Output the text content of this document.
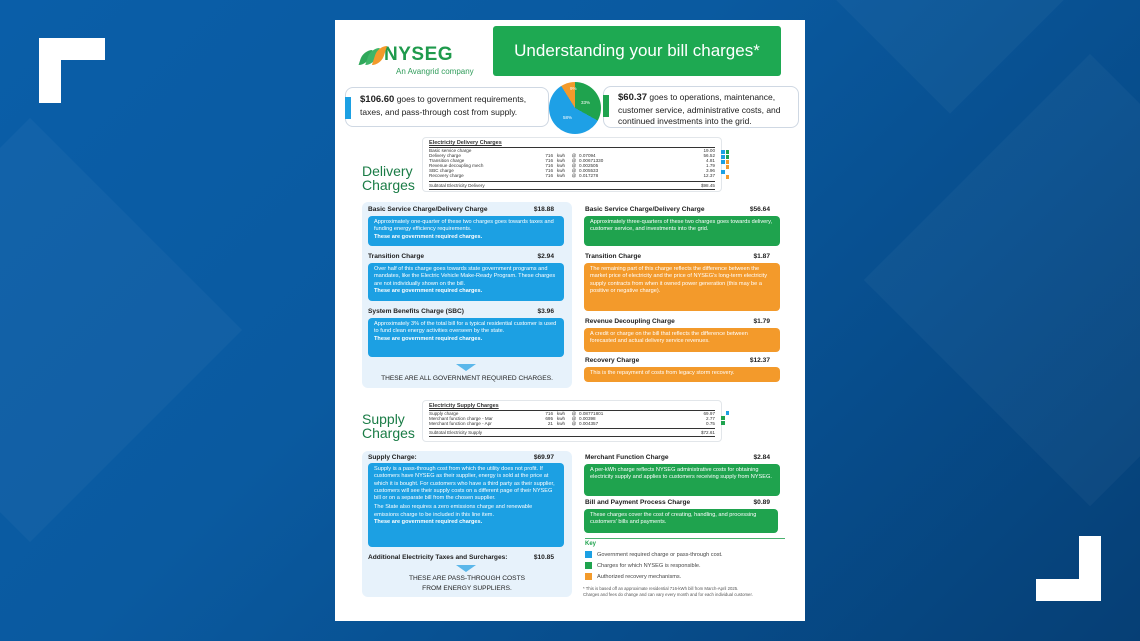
NYSEG
An Avangrid company
Understanding your bill charges*
$106.60 goes to government requirements, taxes, and pass-through cost from supply.
33%
58%
9%
$60.37 goes to operations, maintenance, customer service, administrative costs, and continued investments into the grid.
Delivery
Charges
Electricity Delivery Charges
Basic service charge	19.00
Delivery charge	716 kwh	@ 0.07094	56.52
Transition charge	716 kwh	@ 0.00671330	4.81
Revenue decoupling mech	716 kwh	@ 0.002505	1.79
SBC charge	716 kwh	@ 0.005533	3.96
Recovery charge	716 kwh	@ 0.017278	12.37
Subtotal Electricity Delivery	$98.45
Basic Service Charge/Delivery Charge	$18.88
Approximately one-quarter of these two charges goes towards taxes and funding energy efficiency requirements.
These are government required charges.
Transition Charge	$2.94
Over half of this charge goes towards state government programs and mandates, like the Electric Vehicle Make-Ready Program. These charges are not individually shown on the bill.
These are government required charges.
System Benefits Charge (SBC)	$3.96
Approximately 3% of the total bill for a typical residential customer is used to fund clean energy activities overseen by the state.
These are government required charges.
THESE ARE ALL GOVERNMENT REQUIRED CHARGES.
Basic Service Charge/Delivery Charge	$56.64
Approximately three-quarters of these two charges goes towards delivery, customer service, and investments into the grid.
Transition Charge	$1.87
The remaining part of this charge reflects the difference between the market price of electricity and the price of NYSEG's long-term electricity supply contracts from when it owned power generation (this may be a positive or negative charge).
Revenue Decoupling Charge	$1.79
A credit or charge on the bill that reflects the difference between forecasted and actual delivery service revenues.
Recovery Charge	$12.37
This is the repayment of costs from legacy storm recovery.
Supply
Charges
Electricity Supply Charges
Supply charge	716 kwh	@ 0.08771801	69.97
Merchant function charge - Mar	695 kwh	@ 0.00398	2.77
Merchant function charge - Apr	21 kwh	@ 0.004357	0.75
Subtotal Electricity Supply	$72.61
Supply Charge:	$69.97
Supply is a pass-through cost from which the utility does not profit. If customers have NYSEG as their supplier, energy is sold at the price at which it is bought. For customers who have a third party as their supplier, customers will see their supply costs on a different page of their NYSEG bill or on a separate bill from the chosen supplier.
The State also requires a zero emissions charge and renewable emissions charge to be included in this line item.
These are government required charges.
Additional Electricity Taxes and Surcharges:	$10.85
THESE ARE PASS-THROUGH COSTS
FROM ENERGY SUPPLIERS.
Merchant Function Charge	$2.84
A per-kWh charge reflects NYSEG administrative costs for obtaining electricity supply and applies to customers receiving supply from NYSEG.
Bill and Payment Process Charge	$0.89
These charges cover the cost of creating, handling, and processing customers' bills and payments.
Key
Government required charge or pass-through cost.
Charges for which NYSEG is responsible.
Authorized recovery mechanisms.
* This is based off an approximate residential 716-kWh bill from March-April 2025.
Charges and fees do change and can vary every month and for each individual customer.
